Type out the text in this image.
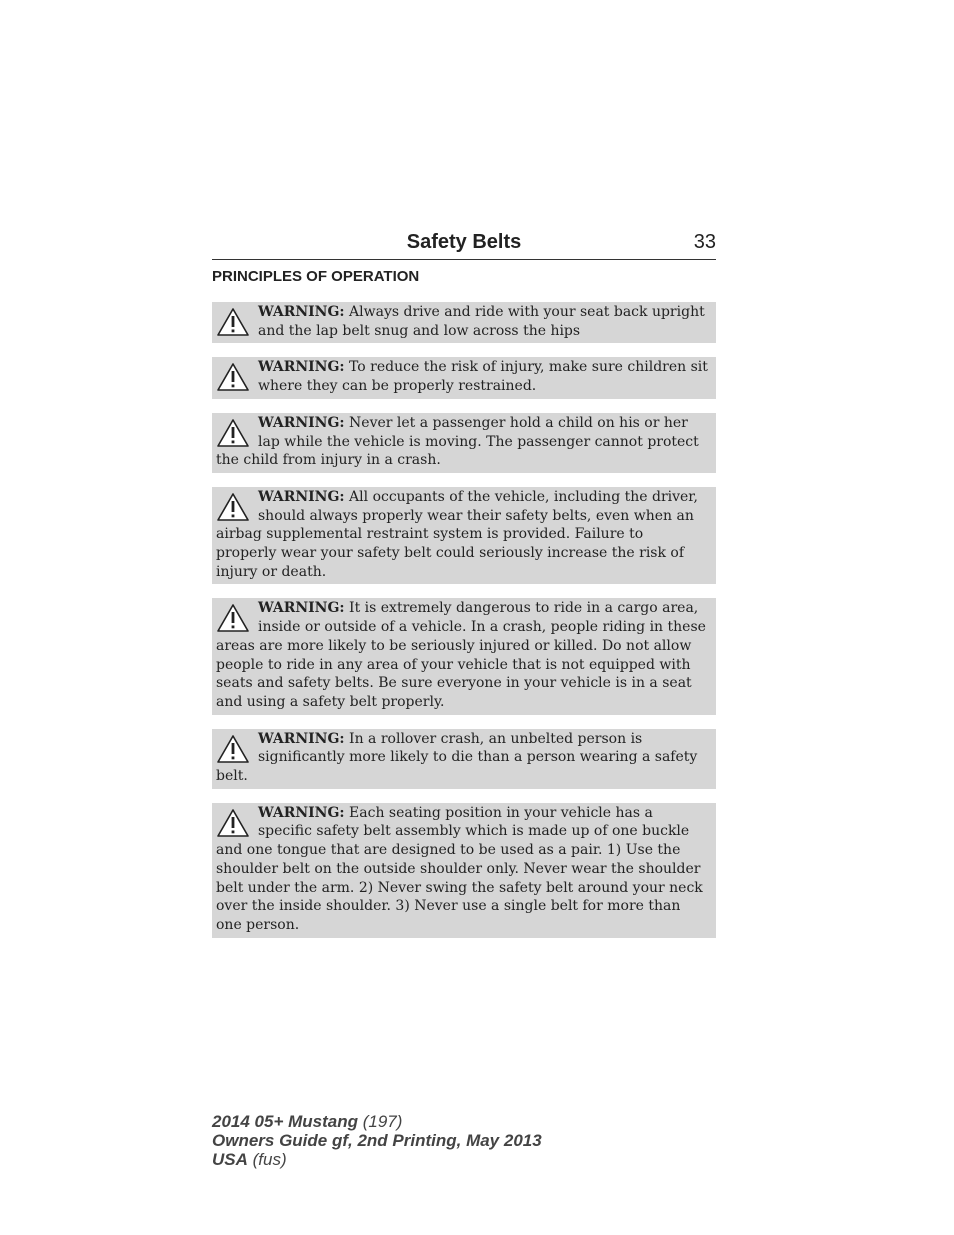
Safety Belts	33
PRINCIPLES OF OPERATION
WARNING: Always drive and ride with your seat back upright and the lap belt snug and low across the hips
WARNING: To reduce the risk of injury, make sure children sit where they can be properly restrained.
WARNING: Never let a passenger hold a child on his or her lap while the vehicle is moving. The passenger cannot protect the child from injury in a crash.
WARNING: All occupants of the vehicle, including the driver, should always properly wear their safety belts, even when an airbag supplemental restraint system is provided. Failure to properly wear your safety belt could seriously increase the risk of injury or death.
WARNING: It is extremely dangerous to ride in a cargo area, inside or outside of a vehicle. In a crash, people riding in these areas are more likely to be seriously injured or killed. Do not allow people to ride in any area of your vehicle that is not equipped with seats and safety belts. Be sure everyone in your vehicle is in a seat and using a safety belt properly.
WARNING: In a rollover crash, an unbelted person is significantly more likely to die than a person wearing a safety belt.
WARNING: Each seating position in your vehicle has a specific safety belt assembly which is made up of one buckle and one tongue that are designed to be used as a pair. 1) Use the shoulder belt on the outside shoulder only. Never wear the shoulder belt under the arm. 2) Never swing the safety belt around your neck over the inside shoulder. 3) Never use a single belt for more than one person.
2014 05+ Mustang (197)
Owners Guide gf, 2nd Printing, May 2013
USA (fus)
